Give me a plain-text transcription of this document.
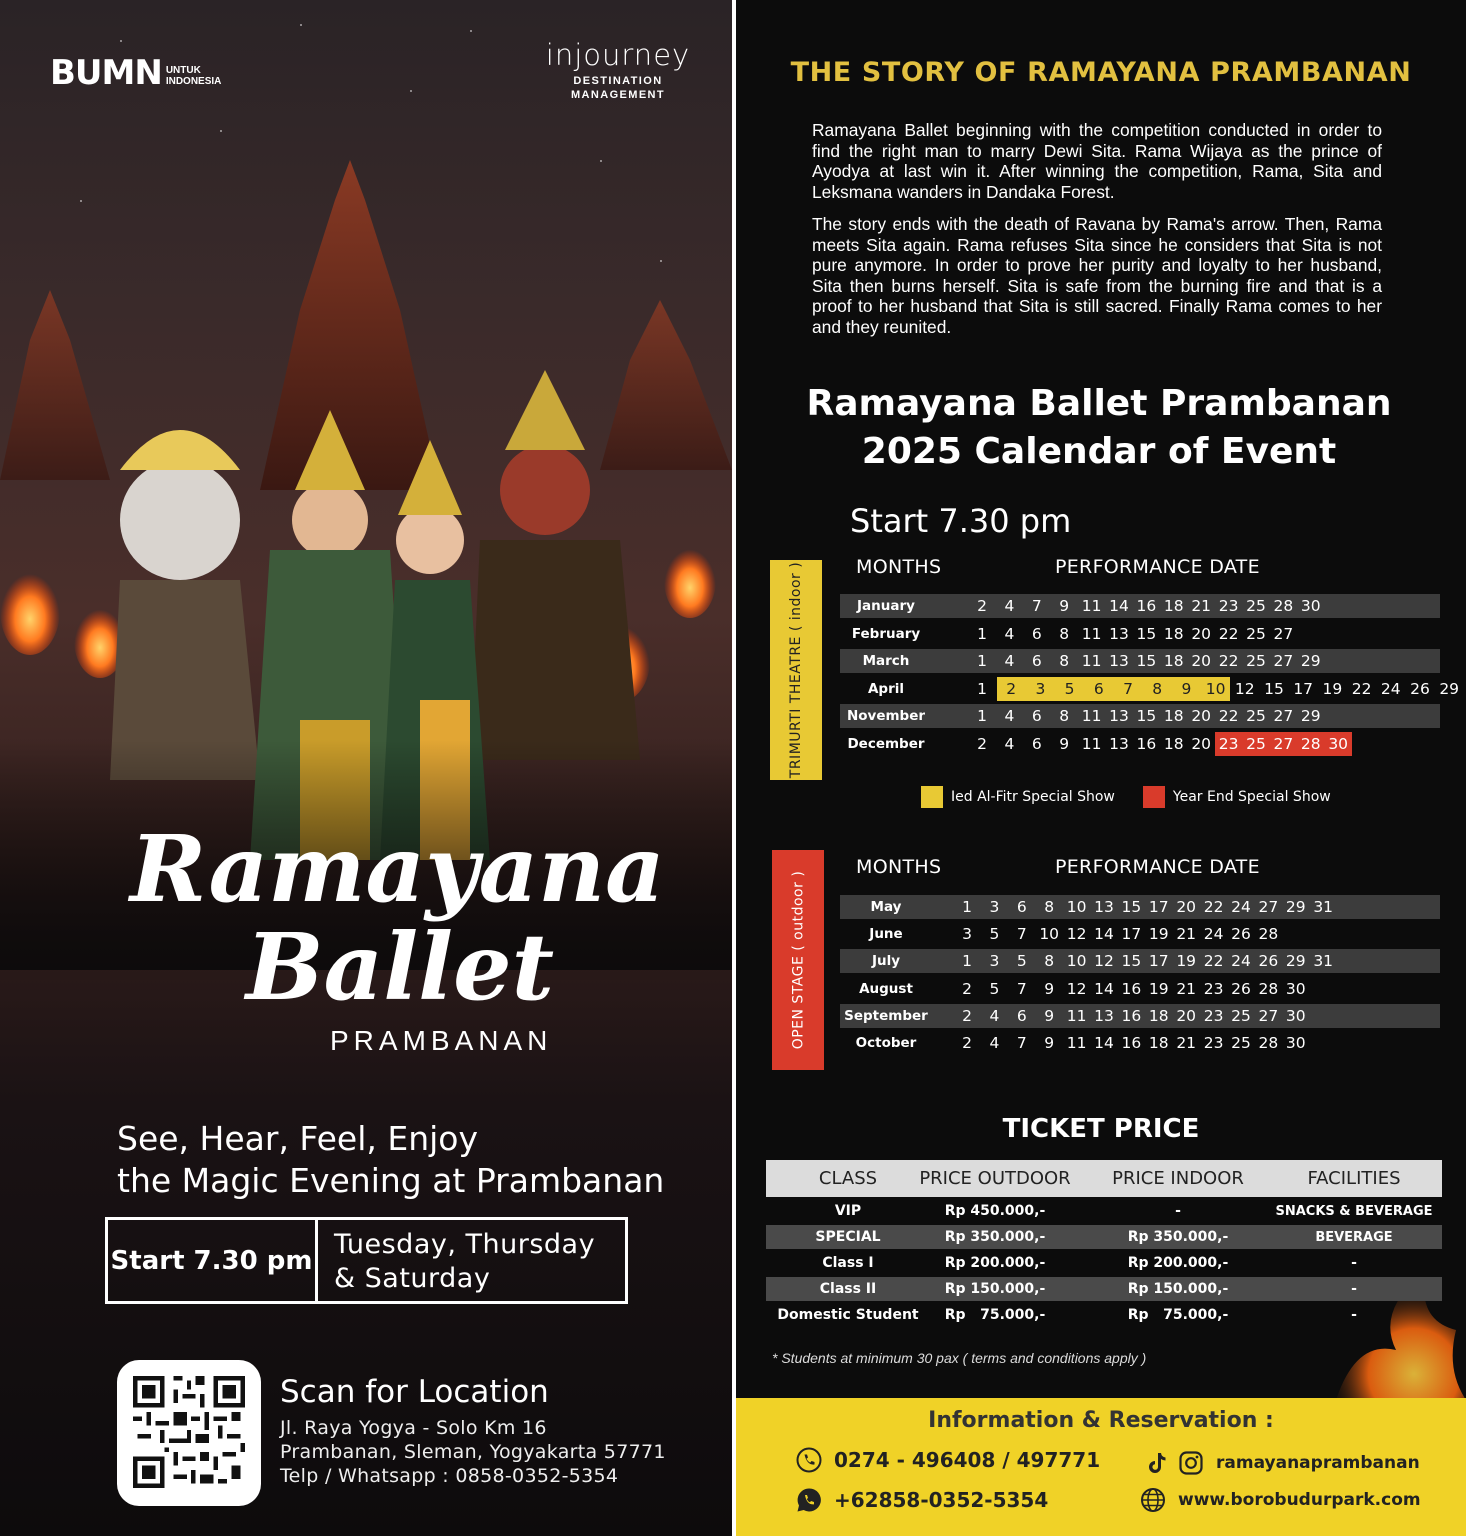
BUMN UNTUK
INDONESIA
injourney
DESTINATION
MANAGEMENT
Ramayana
Ballet
PRAMBANAN
See, Hear, Feel, Enjoy
the Magic Evening at Prambanan
Start 7.30 pm
Tuesday, Thursday
& Saturday
Scan for Location
Jl. Raya Yogya - Solo Km 16
Prambanan, Sleman, Yogyakarta 57771
Telp / Whatsapp : 0858-0352-5354
THE STORY OF RAMAYANA PRAMBANAN

Ramayana Ballet beginning with the competition conducted in order to find the right man to marry Dewi Sita. Rama Wijaya as the prince of Ayodya at last win it. After winning the competition, Rama, Sita and Leksmana wanders in Dandaka Forest.

The story ends with the death of Ravana by Rama's arrow. Then, Rama meets Sita again. Rama refuses Sita since he considers that Sita is not pure anymore. In order to prove her purity and loyalty to her husband, Sita then burns herself. Sita is safe from the burning fire and that is a proof to her husband that Sita is still sacred. Finally Rama comes to her and they reunited.

Ramayana Ballet Prambanan
2025 Calendar of Event
Start 7.30 pm
TRIMURTI THEATRE ( indoor )	MONTHS	PERFORMANCE DATE
January	2	4	7	9 11 14 16 18 21 23 25 28 30
February	1	4	6	8 11 13 15 18 20 22 25 27
March	1	4	6	8 11 13 15 18 20 22 25 27 29
April	1	2	3	5	6	7	8	9 10 12 15 17 19 22 24 26 29
November	1	4	6	8 11 13 15 18 20 22 25 27 29
December	2	4	6	9 11 13 16 18 20 23 25 27 28 30
Ied Al-Fitr Special Show	Year End Special Show
OPEN STAGE ( outdoor )
MONTHS	PERFORMANCE DATE
May	1	3	6	8 10 13 15 17 20 22 24 27 29 31
June	3	5	7 10 12 14 17 19 21 24 26 28
July	1	3	5	8 10 12 15 17 19 22 24 26 29 31
August	2	5	7	9 12 14 16 19 21 23 26 28 30
September	2	4	6	9 11 13 16 18 20 23 25 27 30
October	2	4	7	9 11 14 16 18 21 23 25 28 30
TICKET PRICE
CLASS	PRICE OUTDOOR	PRICE INDOOR	FACILITIES
VIP	Rp 450.000,-	-	SNACKS & BEVERAGE
SPECIAL	Rp 350.000,-	Rp 350.000,-	BEVERAGE
Class I	Rp 200.000,-	Rp 200.000,-	-
Class II	Rp 150.000,-	Rp 150.000,-	-
Domestic Student	Rp   75.000,-	Rp   75.000,-	-
* Students at minimum 30 pax ( terms and conditions apply )
Information & Reservation :
0274 - 496408 / 497771
+62858-0352-5354
ramayanaprambanan
www.borobudurpark.com
